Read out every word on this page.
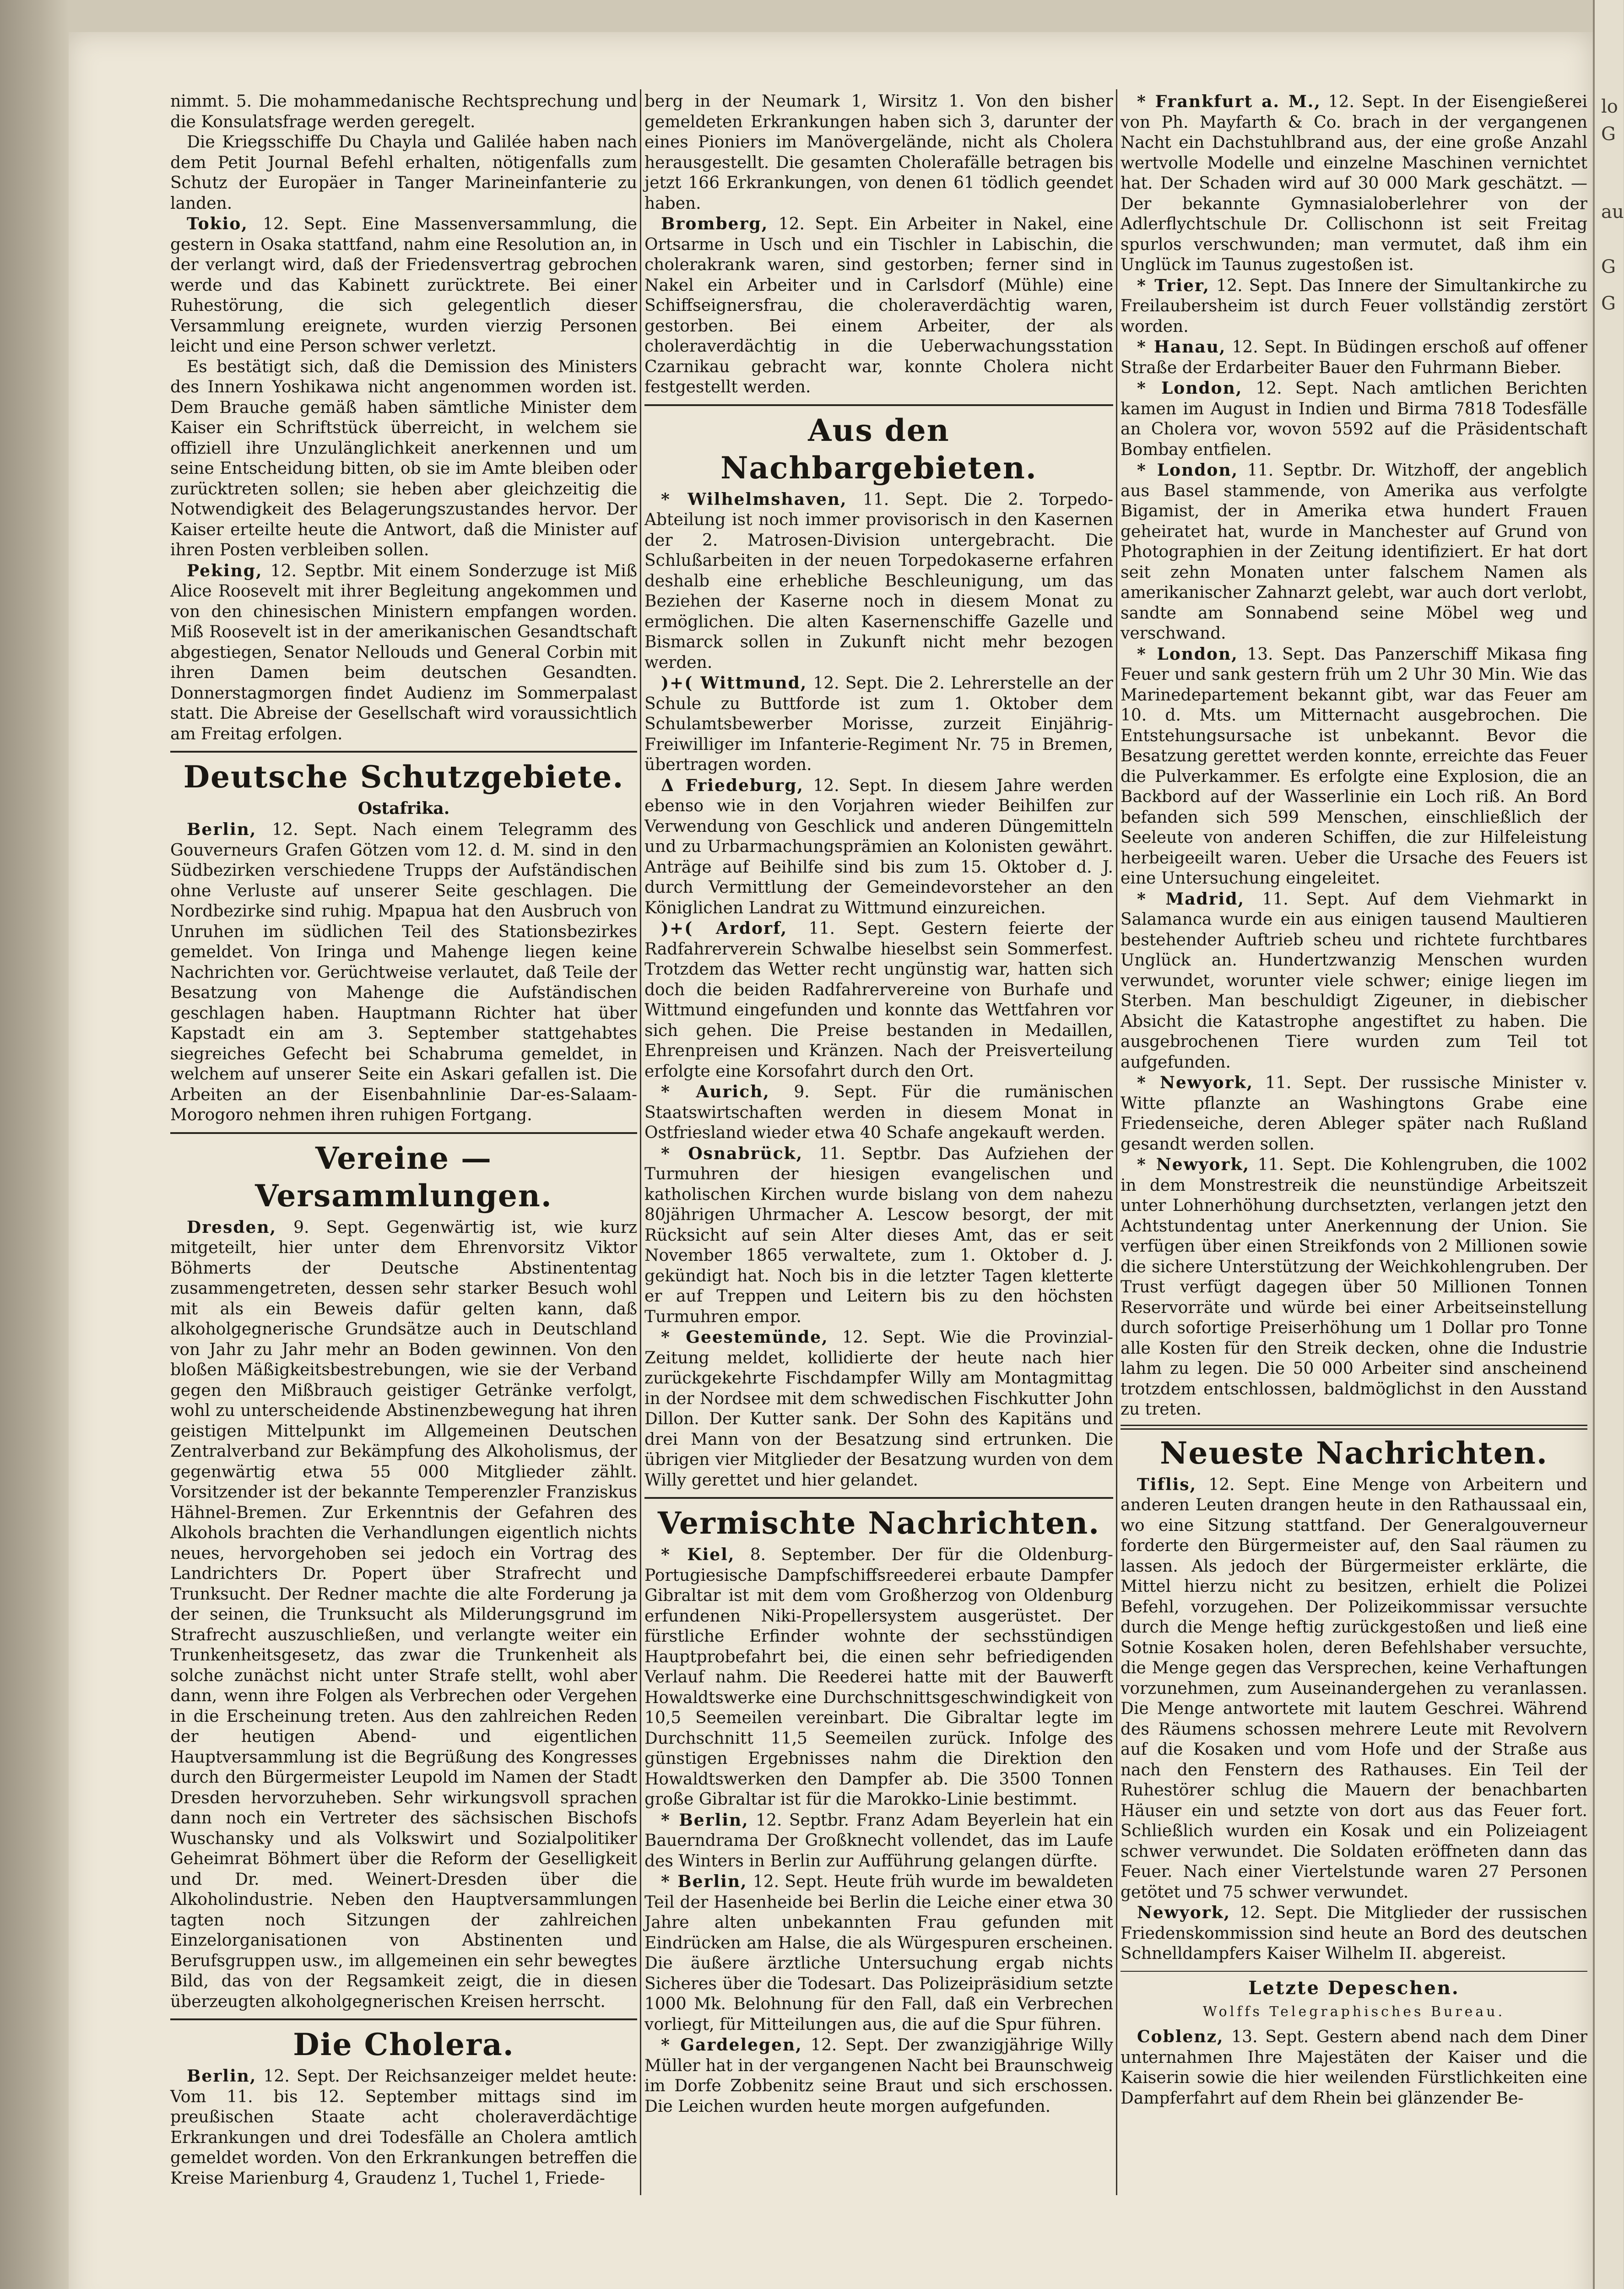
lo
G
au
G
G

nimmt. 5. Die mohammedanische Rechtsprechung und die Konsulatsfrage werden geregelt.

Die Kriegsschiffe Du Chayla und Galilée haben nach dem Petit Journal Befehl erhalten, nötigenfalls zum Schutz der Europäer in Tanger Marineinfanterie zu landen.

Tokio, 12. Sept. Eine Massenversammlung, die gestern in Osaka stattfand, nahm eine Resolution an, in der verlangt wird, daß der Friedensvertrag gebrochen werde und das Kabinett zurücktrete. Bei einer Ruhestörung, die sich gelegentlich dieser Versammlung ereignete, wurden vierzig Personen leicht und eine Person schwer verletzt.

Es bestätigt sich, daß die Demission des Ministers des Innern Yoshikawa nicht angenommen worden ist. Dem Brauche gemäß haben sämtliche Minister dem Kaiser ein Schriftstück überreicht, in welchem sie offiziell ihre Unzulänglichkeit anerkennen und um seine Entscheidung bitten, ob sie im Amte bleiben oder zurücktreten sollen; sie heben aber gleichzeitig die Notwendigkeit des Belagerungszustandes hervor. Der Kaiser erteilte heute die Antwort, daß die Minister auf ihren Posten verbleiben sollen.

Peking, 12. Septbr. Mit einem Sonderzuge ist Miß Alice Roosevelt mit ihrer Begleitung angekommen und von den chinesischen Ministern empfangen worden. Miß Roosevelt ist in der amerikanischen Gesandtschaft abgestiegen, Senator Nellouds und General Corbin mit ihren Damen beim deutschen Gesandten. Donnerstagmorgen findet Audienz im Sommerpalast statt. Die Abreise der Gesellschaft wird voraussichtlich am Freitag erfolgen.

Deutsche Schutzgebiete.
Ostafrika.

Berlin, 12. Sept. Nach einem Telegramm des Gouverneurs Grafen Götzen vom 12. d. M. sind in den Südbezirken verschiedene Trupps der Aufständischen ohne Verluste auf unserer Seite geschlagen. Die Nordbezirke sind ruhig. Mpapua hat den Ausbruch von Unruhen im südlichen Teil des Stationsbezirkes gemeldet. Von Iringa und Mahenge liegen keine Nachrichten vor. Gerüchtweise verlautet, daß Teile der Besatzung von Mahenge die Aufständischen geschlagen haben. Hauptmann Richter hat über Kapstadt ein am 3. September stattgehabtes siegreiches Gefecht bei Schabruma gemeldet, in welchem auf unserer Seite ein Askari gefallen ist. Die Arbeiten an der Eisenbahnlinie Dar-es-Salaam-Morogoro nehmen ihren ruhigen Fortgang.

Vereine — Versammlungen.

Dresden, 9. Sept. Gegenwärtig ist, wie kurz mitgeteilt, hier unter dem Ehrenvorsitz Viktor Böhmerts der Deutsche Abstinententag zusammengetreten, dessen sehr starker Besuch wohl mit als ein Beweis dafür gelten kann, daß alkoholgegnerische Grundsätze auch in Deutschland von Jahr zu Jahr mehr an Boden gewinnen. Von den bloßen Mäßigkeitsbestrebungen, wie sie der Verband gegen den Mißbrauch geistiger Getränke verfolgt, wohl zu unterscheidende Abstinenzbewegung hat ihren geistigen Mittelpunkt im Allgemeinen Deutschen Zentralverband zur Bekämpfung des Alkoholismus, der gegenwärtig etwa 55 000 Mitglieder zählt. Vorsitzender ist der bekannte Temperenzler Franziskus Hähnel-Bremen. Zur Erkenntnis der Gefahren des Alkohols brachten die Verhandlungen eigentlich nichts neues, hervorgehoben sei jedoch ein Vortrag des Landrichters Dr. Popert über Strafrecht und Trunksucht. Der Redner machte die alte Forderung ja der seinen, die Trunksucht als Milderungsgrund im Strafrecht auszuschließen, und verlangte weiter ein Trunkenheitsgesetz, das zwar die Trunkenheit als solche zunächst nicht unter Strafe stellt, wohl aber dann, wenn ihre Folgen als Verbrechen oder Vergehen in die Erscheinung treten. Aus den zahlreichen Reden der heutigen Abend- und eigentlichen Hauptversammlung ist die Begrüßung des Kongresses durch den Bürgermeister Leupold im Namen der Stadt Dresden hervorzuheben. Sehr wirkungsvoll sprachen dann noch ein Vertreter des sächsischen Bischofs Wuschansky und als Volkswirt und Sozialpolitiker Geheimrat Böhmert über die Reform der Geselligkeit und Dr. med. Weinert-Dresden über die Alkoholindustrie. Neben den Hauptversammlungen tagten noch Sitzungen der zahlreichen Einzelorganisationen von Abstinenten und Berufsgruppen usw., im allgemeinen ein sehr bewegtes Bild, das von der Regsamkeit zeigt, die in diesen überzeugten alkoholgegnerischen Kreisen herrscht.

Die Cholera.

Berlin, 12. Sept. Der Reichsanzeiger meldet heute: Vom 11. bis 12. September mittags sind im preußischen Staate acht choleraverdächtige Erkrankungen und drei Todesfälle an Cholera amtlich gemeldet worden. Von den Erkrankungen betreffen die Kreise Marienburg 4, Graudenz 1, Tuchel 1, Friede-

berg in der Neumark 1, Wirsitz 1. Von den bisher gemeldeten Erkrankungen haben sich 3, darunter der eines Pioniers im Manövergelände, nicht als Cholera herausgestellt. Die gesamten Cholerafälle betragen bis jetzt 166 Erkrankungen, von denen 61 tödlich geendet haben.

Bromberg, 12. Sept. Ein Arbeiter in Nakel, eine Ortsarme in Usch und ein Tischler in Labischin, die cholerakrank waren, sind gestorben; ferner sind in Nakel ein Arbeiter und in Carlsdorf (Mühle) eine Schiffseignersfrau, die choleraverdächtig waren, gestorben. Bei einem Arbeiter, der als choleraverdächtig in die Ueberwachungsstation Czarnikau gebracht war, konnte Cholera nicht festgestellt werden.

Aus den Nachbargebieten.

* Wilhelmshaven, 11. Sept. Die 2. Torpedo-Abteilung ist noch immer provisorisch in den Kasernen der 2. Matrosen-Division untergebracht. Die Schlußarbeiten in der neuen Torpedokaserne erfahren deshalb eine erhebliche Beschleunigung, um das Beziehen der Kaserne noch in diesem Monat zu ermöglichen. Die alten Kasernenschiffe Gazelle und Bismarck sollen in Zukunft nicht mehr bezogen werden.

)+( Wittmund, 12. Sept. Die 2. Lehrerstelle an der Schule zu Buttforde ist zum 1. Oktober dem Schulamtsbewerber Morisse, zurzeit Einjährig-Freiwilliger im Infanterie-Regiment Nr. 75 in Bremen, übertragen worden.

Δ Friedeburg, 12. Sept. In diesem Jahre werden ebenso wie in den Vorjahren wieder Beihilfen zur Verwendung von Geschlick und anderen Düngemitteln und zu Urbarmachungsprämien an Kolonisten gewährt. Anträge auf Beihilfe sind bis zum 15. Oktober d. J. durch Vermittlung der Gemeindevorsteher an den Königlichen Landrat zu Wittmund einzureichen.

)+( Ardorf, 11. Sept. Gestern feierte der Radfahrerverein Schwalbe hieselbst sein Sommerfest. Trotzdem das Wetter recht ungünstig war, hatten sich doch die beiden Radfahrervereine von Burhafe und Wittmund eingefunden und konnte das Wettfahren vor sich gehen. Die Preise bestanden in Medaillen, Ehrenpreisen und Kränzen. Nach der Preisverteilung erfolgte eine Korsofahrt durch den Ort.

* Aurich, 9. Sept. Für die rumänischen Staatswirtschaften werden in diesem Monat in Ostfriesland wieder etwa 40 Schafe angekauft werden.

* Osnabrück, 11. Septbr. Das Aufziehen der Turmuhren der hiesigen evangelischen und katholischen Kirchen wurde bislang von dem nahezu 80jährigen Uhrmacher A. Lescow besorgt, der mit Rücksicht auf sein Alter dieses Amt, das er seit November 1865 verwaltete, zum 1. Oktober d. J. gekündigt hat. Noch bis in die letzter Tagen kletterte er auf Treppen und Leitern bis zu den höchsten Turmuhren empor.

* Geestemünde, 12. Sept. Wie die Provinzial-Zeitung meldet, kollidierte der heute nach hier zurückgekehrte Fischdampfer Willy am Montagmittag in der Nordsee mit dem schwedischen Fischkutter John Dillon. Der Kutter sank. Der Sohn des Kapitäns und drei Mann von der Besatzung sind ertrunken. Die übrigen vier Mitglieder der Besatzung wurden von dem Willy gerettet und hier gelandet.

Vermischte Nachrichten.

* Kiel, 8. September. Der für die Oldenburg-Portugiesische Dampfschiffsreederei erbaute Dampfer Gibraltar ist mit dem vom Großherzog von Oldenburg erfundenen Niki-Propellersystem ausgerüstet. Der fürstliche Erfinder wohnte der sechsstündigen Hauptprobefahrt bei, die einen sehr befriedigenden Verlauf nahm. Die Reederei hatte mit der Bauwerft Howaldtswerke eine Durchschnittsgeschwindigkeit von 10,5 Seemeilen vereinbart. Die Gibraltar legte im Durchschnitt 11,5 Seemeilen zurück. Infolge des günstigen Ergebnisses nahm die Direktion den Howaldtswerken den Dampfer ab. Die 3500 Tonnen große Gibraltar ist für die Marokko-Linie bestimmt.

* Berlin, 12. Septbr. Franz Adam Beyerlein hat ein Bauerndrama Der Großknecht vollendet, das im Laufe des Winters in Berlin zur Aufführung gelangen dürfte.

* Berlin, 12. Sept. Heute früh wurde im bewaldeten Teil der Hasenheide bei Berlin die Leiche einer etwa 30 Jahre alten unbekannten Frau gefunden mit Eindrücken am Halse, die als Würgespuren erscheinen. Die äußere ärztliche Untersuchung ergab nichts Sicheres über die Todesart. Das Polizeipräsidium setzte 1000 Mk. Belohnung für den Fall, daß ein Verbrechen vorliegt, für Mitteilungen aus, die auf die Spur führen.

* Gardelegen, 12. Sept. Der zwanzigjährige Willy Müller hat in der vergangenen Nacht bei Braunschweig im Dorfe Zobbenitz seine Braut und sich erschossen. Die Leichen wurden heute morgen aufgefunden.

* Frankfurt a. M., 12. Sept. In der Eisengießerei von Ph. Mayfarth & Co. brach in der vergangenen Nacht ein Dachstuhlbrand aus, der eine große Anzahl wertvolle Modelle und einzelne Maschinen vernichtet hat. Der Schaden wird auf 30 000 Mark geschätzt. — Der bekannte Gymnasialoberlehrer von der Adlerflychtschule Dr. Collischonn ist seit Freitag spurlos verschwunden; man vermutet, daß ihm ein Unglück im Taunus zugestoßen ist.

* Trier, 12. Sept. Das Innere der Simultankirche zu Freilaubersheim ist durch Feuer vollständig zerstört worden.

* Hanau, 12. Sept. In Büdingen erschoß auf offener Straße der Erdarbeiter Bauer den Fuhrmann Bieber.

* London, 12. Sept. Nach amtlichen Berichten kamen im August in Indien und Birma 7818 Todesfälle an Cholera vor, wovon 5592 auf die Präsidentschaft Bombay entfielen.

* London, 11. Septbr. Dr. Witzhoff, der angeblich aus Basel stammende, von Amerika aus verfolgte Bigamist, der in Amerika etwa hundert Frauen geheiratet hat, wurde in Manchester auf Grund von Photographien in der Zeitung identifiziert. Er hat dort seit zehn Monaten unter falschem Namen als amerikanischer Zahnarzt gelebt, war auch dort verlobt, sandte am Sonnabend seine Möbel weg und verschwand.

* London, 13. Sept. Das Panzerschiff Mikasa fing Feuer und sank gestern früh um 2 Uhr 30 Min. Wie das Marinedepartement bekannt gibt, war das Feuer am 10. d. Mts. um Mitternacht ausgebrochen. Die Entstehungsursache ist unbekannt. Bevor die Besatzung gerettet werden konnte, erreichte das Feuer die Pulverkammer. Es erfolgte eine Explosion, die an Backbord auf der Wasserlinie ein Loch riß. An Bord befanden sich 599 Menschen, einschließlich der Seeleute von anderen Schiffen, die zur Hilfeleistung herbeigeeilt waren. Ueber die Ursache des Feuers ist eine Untersuchung eingeleitet.

* Madrid, 11. Sept. Auf dem Viehmarkt in Salamanca wurde ein aus einigen tausend Maultieren bestehender Auftrieb scheu und richtete furchtbares Unglück an. Hundertzwanzig Menschen wurden verwundet, worunter viele schwer; einige liegen im Sterben. Man beschuldigt Zigeuner, in diebischer Absicht die Katastrophe angestiftet zu haben. Die ausgebrochenen Tiere wurden zum Teil tot aufgefunden.

* Newyork, 11. Sept. Der russische Minister v. Witte pflanzte an Washingtons Grabe eine Friedenseiche, deren Ableger später nach Rußland gesandt werden sollen.

* Newyork, 11. Sept. Die Kohlengruben, die 1002 in dem Monstrestreik die neunstündige Arbeitszeit unter Lohnerhöhung durchsetzten, verlangen jetzt den Achtstundentag unter Anerkennung der Union. Sie verfügen über einen Streikfonds von 2 Millionen sowie die sichere Unterstützung der Weichkohlengruben. Der Trust verfügt dagegen über 50 Millionen Tonnen Reservorräte und würde bei einer Arbeitseinstellung durch sofortige Preiserhöhung um 1 Dollar pro Tonne alle Kosten für den Streik decken, ohne die Industrie lahm zu legen. Die 50 000 Arbeiter sind anscheinend trotzdem entschlossen, baldmöglichst in den Ausstand zu treten.

Neueste Nachrichten.

Tiflis, 12. Sept. Eine Menge von Arbeitern und anderen Leuten drangen heute in den Rathaussaal ein, wo eine Sitzung stattfand. Der Generalgouverneur forderte den Bürgermeister auf, den Saal räumen zu lassen. Als jedoch der Bürgermeister erklärte, die Mittel hierzu nicht zu besitzen, erhielt die Polizei Befehl, vorzugehen. Der Polizeikommissar versuchte durch die Menge heftig zurückgestoßen und ließ eine Sotnie Kosaken holen, deren Befehlshaber versuchte, die Menge gegen das Versprechen, keine Verhaftungen vorzunehmen, zum Auseinandergehen zu veranlassen. Die Menge antwortete mit lautem Geschrei. Während des Räumens schossen mehrere Leute mit Revolvern auf die Kosaken und vom Hofe und der Straße aus nach den Fenstern des Rathauses. Ein Teil der Ruhestörer schlug die Mauern der benachbarten Häuser ein und setzte von dort aus das Feuer fort. Schließlich wurden ein Kosak und ein Polizeiagent schwer verwundet. Die Soldaten eröffneten dann das Feuer. Nach einer Viertelstunde waren 27 Personen getötet und 75 schwer verwundet.

Newyork, 12. Sept. Die Mitglieder der russischen Friedenskommission sind heute an Bord des deutschen Schnelldampfers Kaiser Wilhelm II. abgereist.

Letzte Depeschen.
Wolffs Telegraphisches Bureau.

Coblenz, 13. Sept. Gestern abend nach dem Diner unternahmen Ihre Majestäten der Kaiser und die Kaiserin sowie die hier weilenden Fürstlichkeiten eine Dampferfahrt auf dem Rhein bei glänzender Be-
